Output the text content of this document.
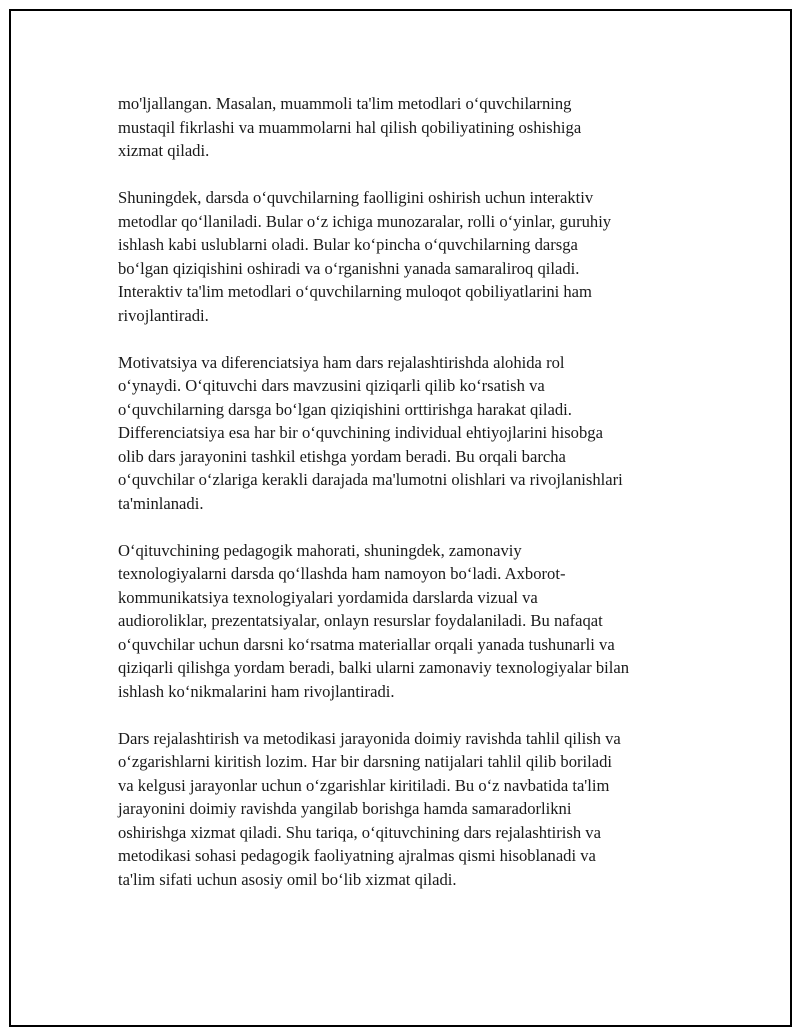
mo'ljallangan. Masalan, muammoli ta'lim metodlari o‘quvchilarning
mustaqil fikrlashi va muammolarni hal qilish qobiliyatining oshishiga
xizmat qiladi.

Shuningdek, darsda o‘quvchilarning faolligini oshirish uchun interaktiv
metodlar qo‘llaniladi. Bular o‘z ichiga munozaralar, rolli o‘yinlar, guruhiy
ishlash kabi uslublarni oladi. Bular ko‘pincha o‘quvchilarning darsga
bo‘lgan qiziqishini oshiradi va o‘rganishni yanada samaraliroq qiladi.
Interaktiv ta'lim metodlari o‘quvchilarning muloqot qobiliyatlarini ham
rivojlantiradi.

Motivatsiya va diferenciatsiya ham dars rejalashtirishda alohida rol
o‘ynaydi. O‘qituvchi dars mavzusini qiziqarli qilib ko‘rsatish va
o‘quvchilarning darsga bo‘lgan qiziqishini orttirishga harakat qiladi.
Differenciatsiya esa har bir o‘quvchining individual ehtiyojlarini hisobga
olib dars jarayonini tashkil etishga yordam beradi. Bu orqali barcha
o‘quvchilar o‘zlariga kerakli darajada ma'lumotni olishlari va rivojlanishlari
ta'minlanadi.

O‘qituvchining pedagogik mahorati, shuningdek, zamonaviy
texnologiyalarni darsda qo‘llashda ham namoyon bo‘ladi. Axborot-
kommunikatsiya texnologiyalari yordamida darslarda vizual va
audioroliklar, prezentatsiyalar, onlayn resurslar foydalaniladi. Bu nafaqat
o‘quvchilar uchun darsni ko‘rsatma materiallar orqali yanada tushunarli va
qiziqarli qilishga yordam beradi, balki ularni zamonaviy texnologiyalar bilan
ishlash ko‘nikmalarini ham rivojlantiradi.

Dars rejalashtirish va metodikasi jarayonida doimiy ravishda tahlil qilish va
o‘zgarishlarni kiritish lozim. Har bir darsning natijalari tahlil qilib boriladi
va kelgusi jarayonlar uchun o‘zgarishlar kiritiladi. Bu o‘z navbatida ta'lim
jarayonini doimiy ravishda yangilab borishga hamda samaradorlikni
oshirishga xizmat qiladi. Shu tariqa, o‘qituvchining dars rejalashtirish va
metodikasi sohasi pedagogik faoliyatning ajralmas qismi hisoblanadi va
ta'lim sifati uchun asosiy omil bo‘lib xizmat qiladi.
